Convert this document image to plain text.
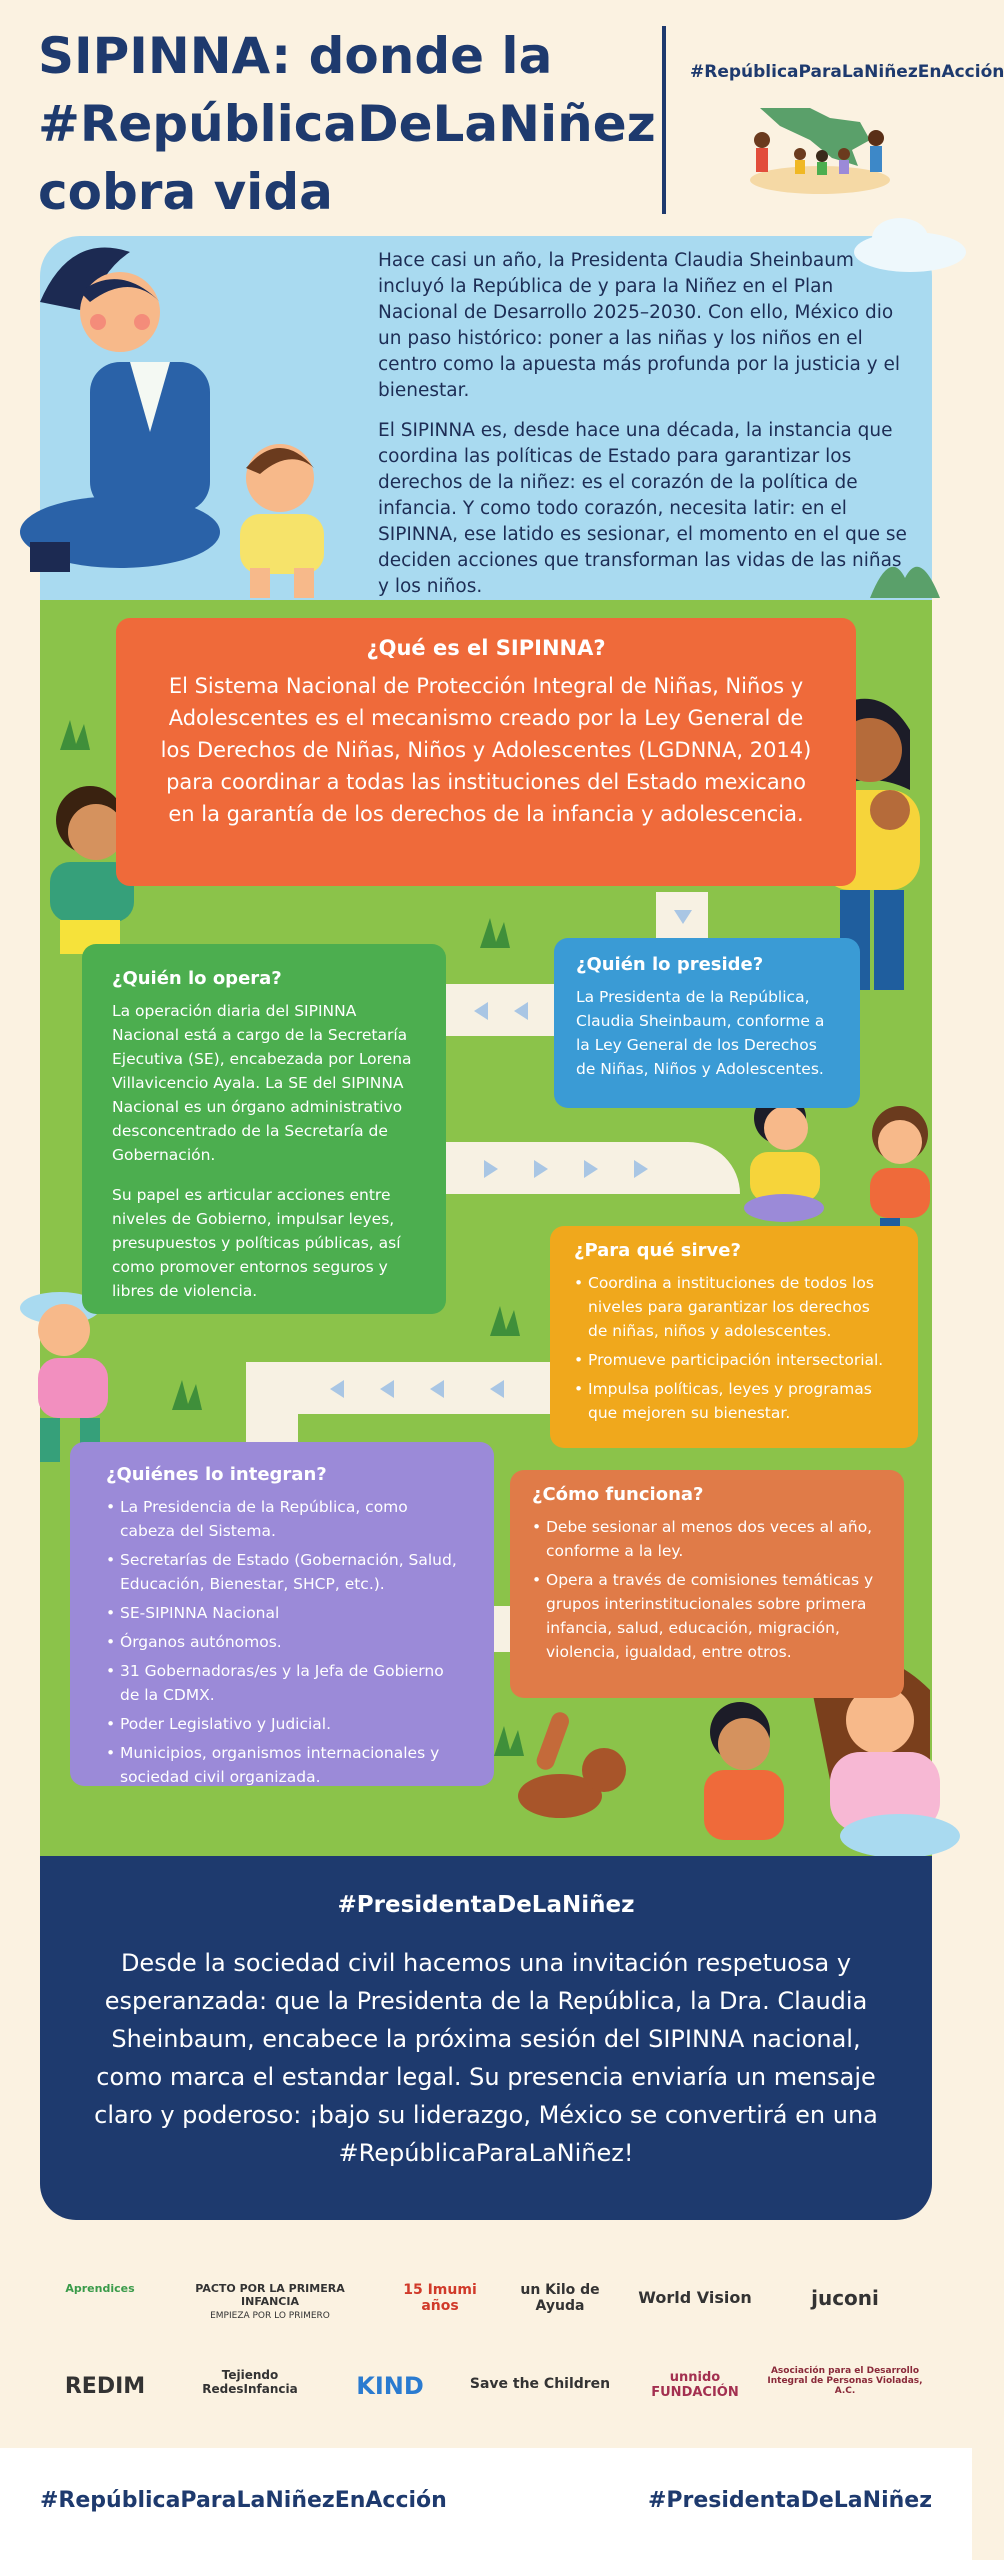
SIPINNA: donde la #RepúblicaDeLaNiñez cobra vida
#RepúblicaParaLaNiñezEnAcción

Hace casi un año, la Presidenta Claudia Sheinbaum incluyó la República de y para la Niñez en el Plan Nacional de Desarrollo 2025–2030. Con ello, México dio un paso histórico: poner a las niñas y los niños en el centro como la apuesta más profunda por la justicia y el bienestar.

El SIPINNA es, desde hace una década, la instancia que coordina las políticas de Estado para garantizar los derechos de la niñez: es el corazón de la política de infancia. Y como todo corazón, necesita latir: en el SIPINNA, ese latido es sesionar, el momento en el que se deciden acciones que transforman las vidas de las niñas y los niños.

¿Qué es el SIPINNA?

El Sistema Nacional de Protección Integral de Niñas, Niños y Adolescentes es el mecanismo creado por la Ley General de los Derechos de Niñas, Niños y Adolescentes (LGDNNA, 2014) para coordinar a todas las instituciones del Estado mexicano en la garantía de los derechos de la infancia y adolescencia.

¿Quién lo opera?

La operación diaria del SIPINNA Nacional está a cargo de la Secretaría Ejecutiva (SE), encabezada por Lorena Villavicencio Ayala. La SE del SIPINNA Nacional es un órgano administrativo desconcentrado de la Secretaría de Gobernación.

Su papel es articular acciones entre niveles de Gobierno, impulsar leyes, presupuestos y políticas públicas, así como promover entornos seguros y libres de violencia.

¿Quién lo preside?

La Presidenta de la República, Claudia Sheinbaum, conforme a la Ley General de los Derechos de Niñas, Niños y Adolescentes.

¿Para qué sirve?
• Coordina a instituciones de todos los niveles para garantizar los derechos de niñas, niños y adolescentes.
• Promueve participación intersectorial.
• Impulsa políticas, leyes y programas que mejoren su bienestar.
¿Quiénes lo integran?
• La Presidencia de la República, como cabeza del Sistema.
• Secretarías de Estado (Gobernación, Salud, Educación, Bienestar, SHCP, etc.).
• SE-SIPINNA Nacional
• Órganos autónomos.
• 31 Gobernadoras/es y la Jefa de Gobierno de la CDMX.
• Poder Legislativo y Judicial.
• Municipios, organismos internacionales y sociedad civil organizada.
¿Cómo funciona?
• Debe sesionar al menos dos veces al año, conforme a la ley.
• Opera a través de comisiones temáticas y grupos interinstitucionales sobre primera infancia, salud, educación, migración, violencia, igualdad, entre otros.
#PresidentaDeLaNiñez

Desde la sociedad civil hacemos una invitación respetuosa y esperanzada: que la Presidenta de la República, la Dra. Claudia Sheinbaum, encabece la próxima sesión del SIPINNA nacional, como marca el estandar legal. Su presencia enviaría un mensaje claro y poderoso: ¡bajo su liderazgo, México se convertirá en una #RepúblicaParaLaNiñez!

Aprendices	PACTO POR LA PRIMERA INFANCIA
EMPIEZA POR LO PRIMERO
15 Imumi años
un Kilo de Ayuda	World Vision	juconi
REDIM	Tejiendo RedesInfancia	KIND	Save the Children	unnido FUNDACIÓN
Asociación para el Desarrollo Integral de Personas Violadas, A.C.
#RepúblicaParaLaNiñezEnAcción	#PresidentaDeLaNiñez
